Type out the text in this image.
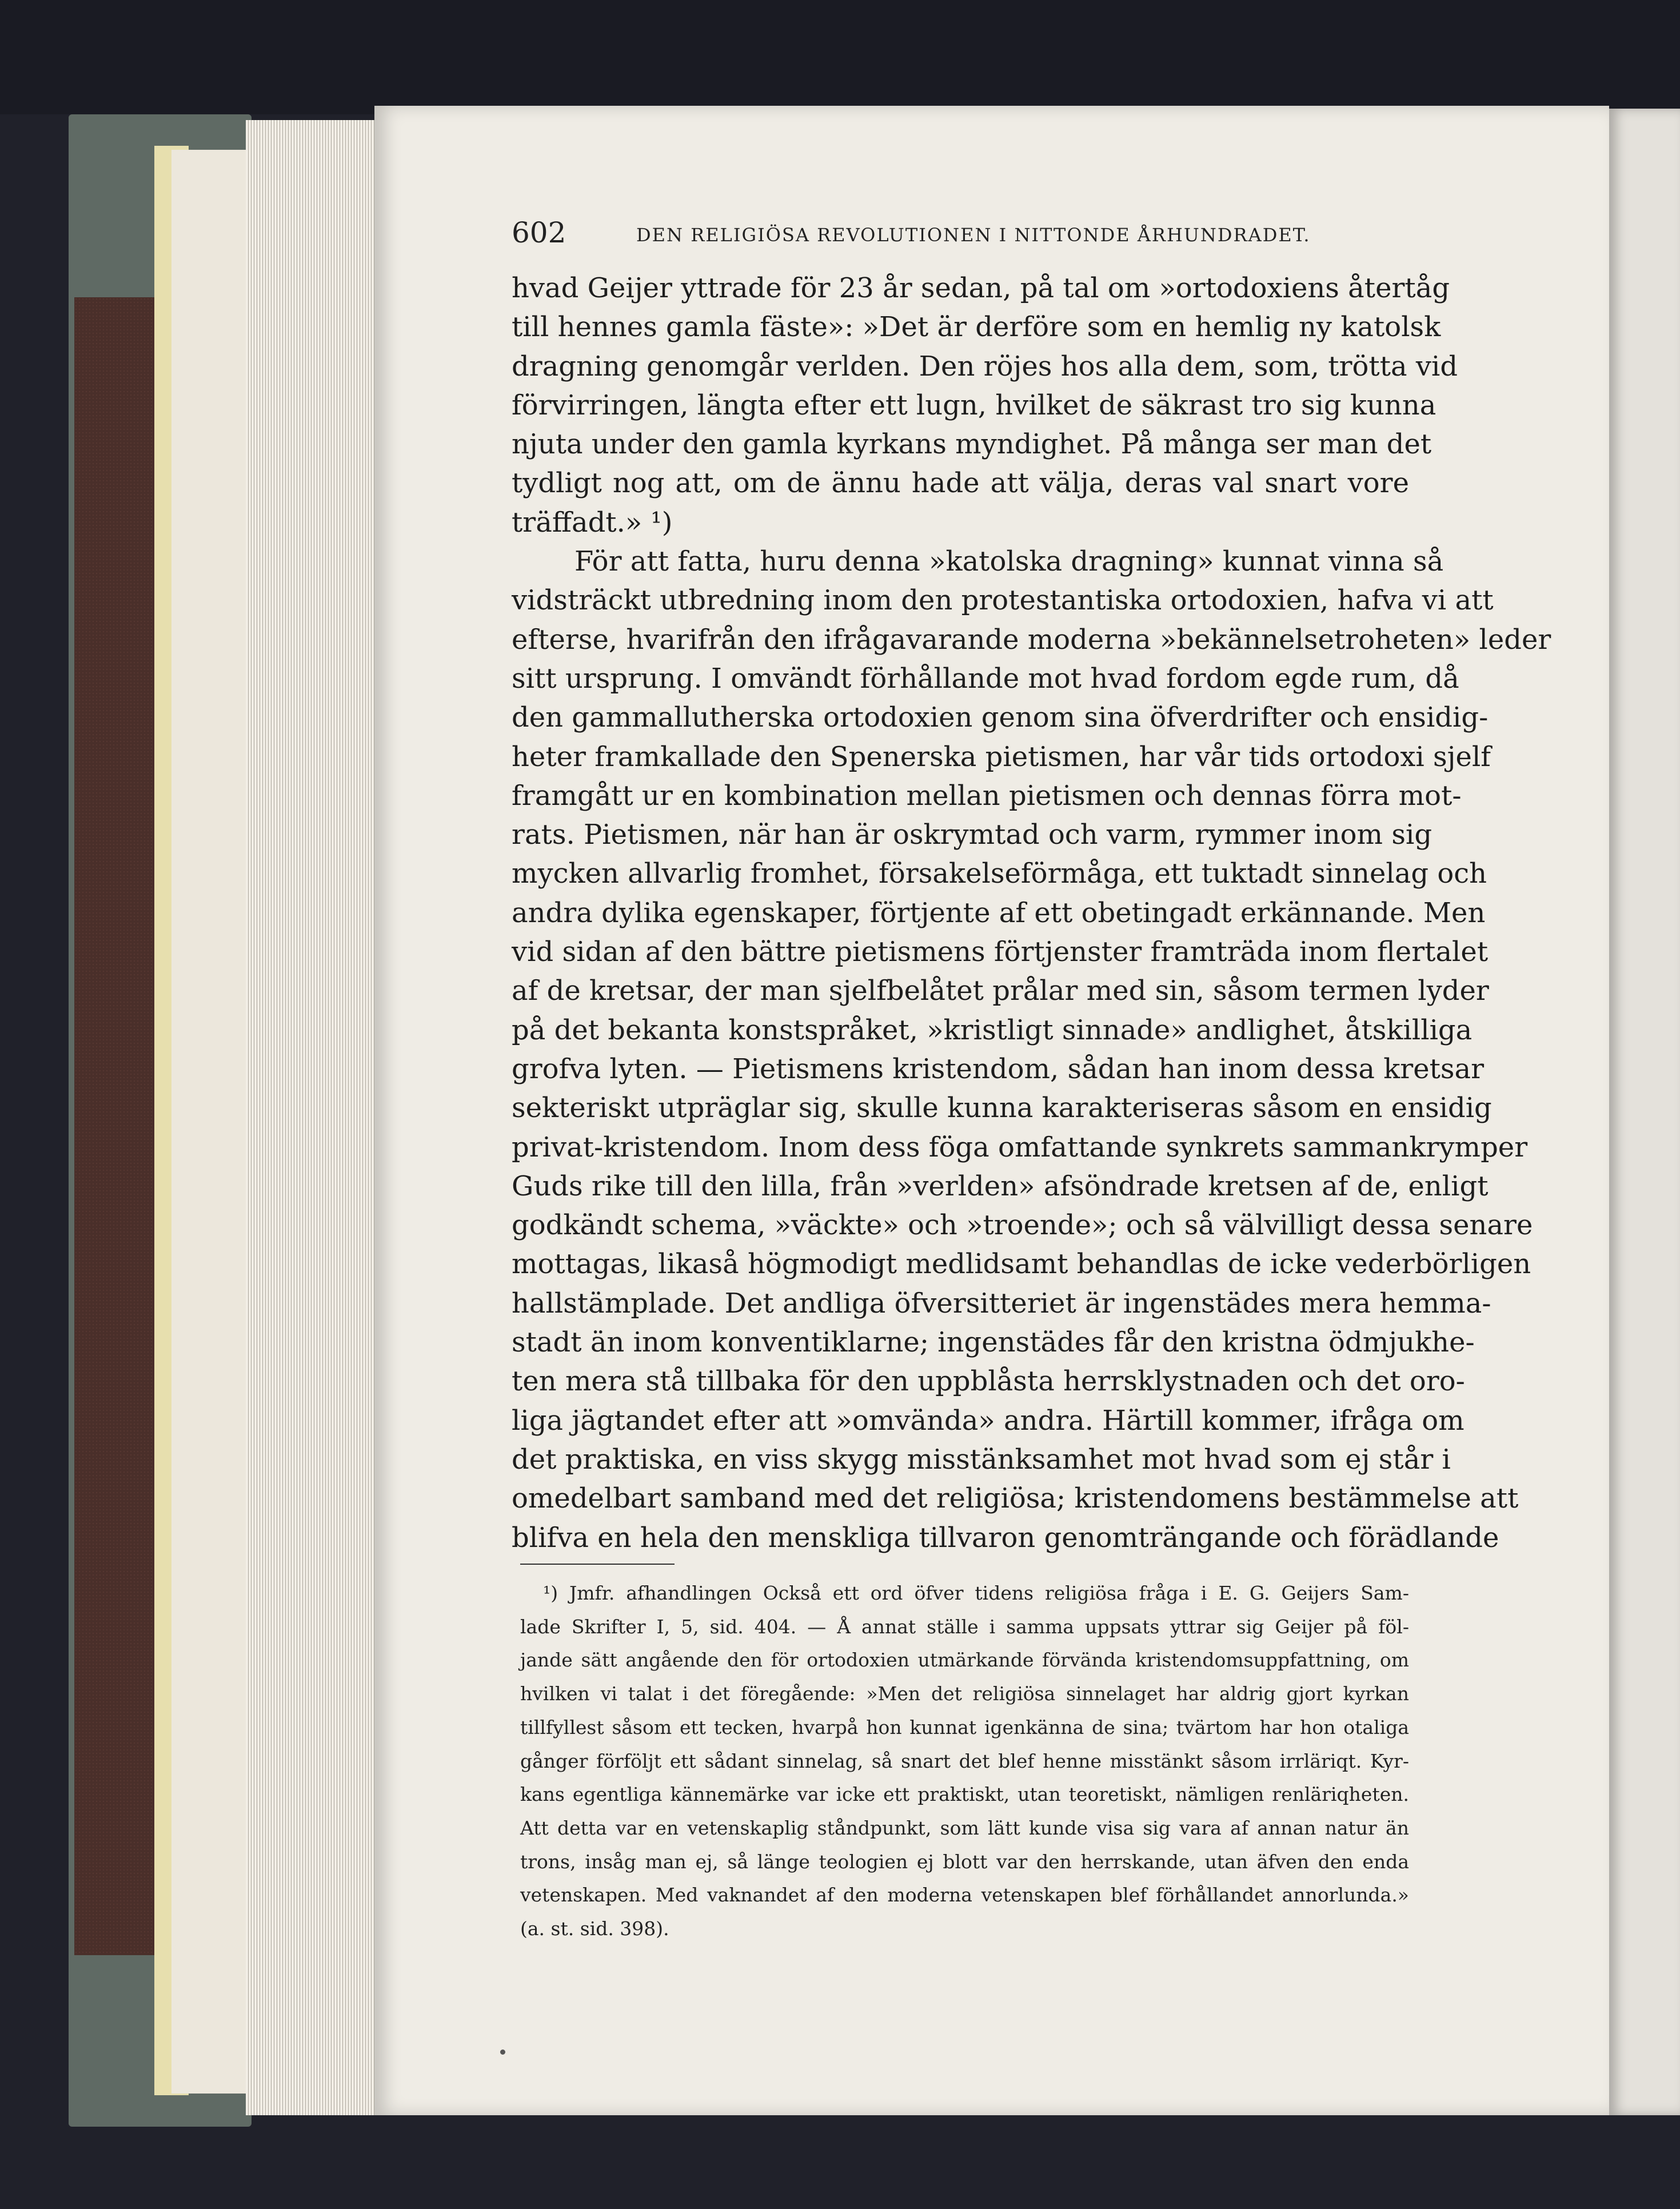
602	DEN RELIGIÖSA REVOLUTIONEN I NITTONDE ÅRHUNDRADET.
hvad Geijer yttrade för 23 år sedan, på tal om »ortodoxiens återtåg
till hennes gamla fäste»: »Det är derföre som en hemlig ny katolsk
dragning genomgår verlden. Den röjes hos alla dem, som, trötta vid
förvirringen, längta efter ett lugn, hvilket de säkrast tro sig kunna
njuta under den gamla kyrkans myndighet. På många ser man det
tydligt nog att, om de ännu hade att välja, deras val snart vore
träffadt.» ¹)
För att fatta, huru denna »katolska dragning» kunnat vinna så
vidsträckt utbredning inom den protestantiska ortodoxien, hafva vi att
efterse, hvarifrån den ifrågavarande moderna »bekännelsetroheten» leder
sitt ursprung. I omvändt förhållande mot hvad fordom egde rum, då
den gammallutherska ortodoxien genom sina öfverdrifter och ensidig-
heter framkallade den Spenerska pietismen, har vår tids ortodoxi sjelf
framgått ur en kombination mellan pietismen och dennas förra mot-
rats. Pietismen, när han är oskrymtad och varm, rymmer inom sig
mycken allvarlig fromhet, försakelseförmåga, ett tuktadt sinnelag och
andra dylika egenskaper, förtjente af ett obetingadt erkännande. Men
vid sidan af den bättre pietismens förtjenster framträda inom flertalet
af de kretsar, der man sjelfbelåtet prålar med sin, såsom termen lyder
på det bekanta konstspråket, »kristligt sinnade» andlighet, åtskilliga
grofva lyten. — Pietismens kristendom, sådan han inom dessa kretsar
sekteriskt utpräglar sig, skulle kunna karakteriseras såsom en ensidig
privat-kristendom. Inom dess föga omfattande synkrets sammankrymper
Guds rike till den lilla, från »verlden» afsöndrade kretsen af de, enligt
godkändt schema, »väckte» och »troende»; och så välvilligt dessa senare
mottagas, likaså högmodigt medlidsamt behandlas de icke vederbörligen
hallstämplade. Det andliga öfversitteriet är ingenstädes mera hemma-
stadt än inom konventiklarne; ingenstädes får den kristna ödmjukhe-
ten mera stå tillbaka för den uppblåsta herrsklystnaden och det oro-
liga jägtandet efter att »omvända» andra. Härtill kommer, ifråga om
det praktiska, en viss skygg misstänksamhet mot hvad som ej står i
omedelbart samband med det religiösa; kristendomens bestämmelse att
blifva en hela den menskliga tillvaron genomträngande och förädlande
¹) Jmfr. afhandlingen Också ett ord öfver tidens religiösa fråga i E. G. Geijers Sam-
lade Skrifter I, 5, sid. 404. — Å annat ställe i samma uppsats yttrar sig Geijer på föl-
jande sätt angående den för ortodoxien utmärkande förvända kristendomsuppfattning, om
hvilken vi talat i det föregående: »Men det religiösa sinnelaget har aldrig gjort kyrkan
tillfyllest såsom ett tecken, hvarpå hon kunnat igenkänna de sina; tvärtom har hon otaliga
gånger förföljt ett sådant sinnelag, så snart det blef henne misstänkt såsom irrläriqt. Kyr-
kans egentliga kännemärke var icke ett praktiskt, utan teoretiskt, nämligen renläriqheten.
Att detta var en vetenskaplig ståndpunkt, som lätt kunde visa sig vara af annan natur än
trons, insåg man ej, så länge teologien ej blott var den herrskande, utan äfven den enda
vetenskapen. Med vaknandet af den moderna vetenskapen blef förhållandet annorlunda.»
(a. st. sid. 398).
